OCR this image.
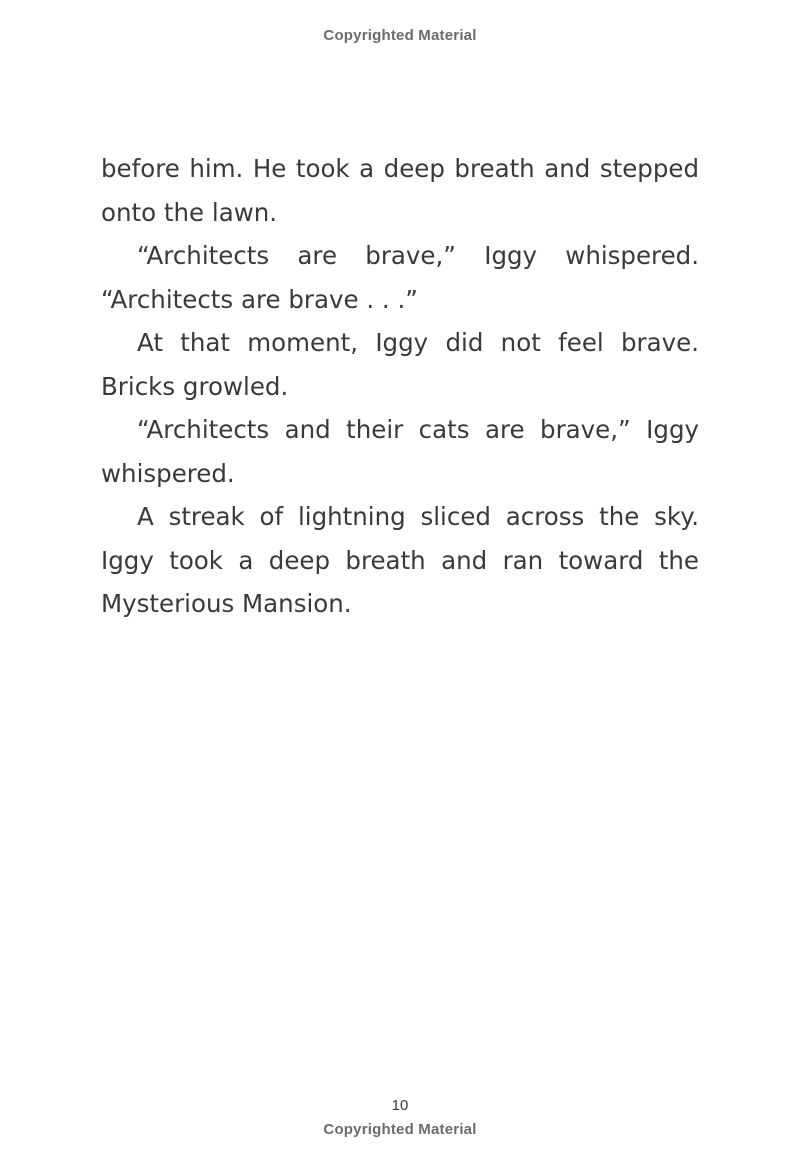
Copyrighted Material

before him. He took a deep breath and stepped onto the lawn.

“Architects are brave,” Iggy whispered. “Architects are brave . . .”

At that moment, Iggy did not feel brave. Bricks growled.

“Architects and their cats are brave,” Iggy whispered.

A streak of lightning sliced across the sky. Iggy took a deep breath and ran toward the Mysterious Mansion.

10
Copyrighted Material
